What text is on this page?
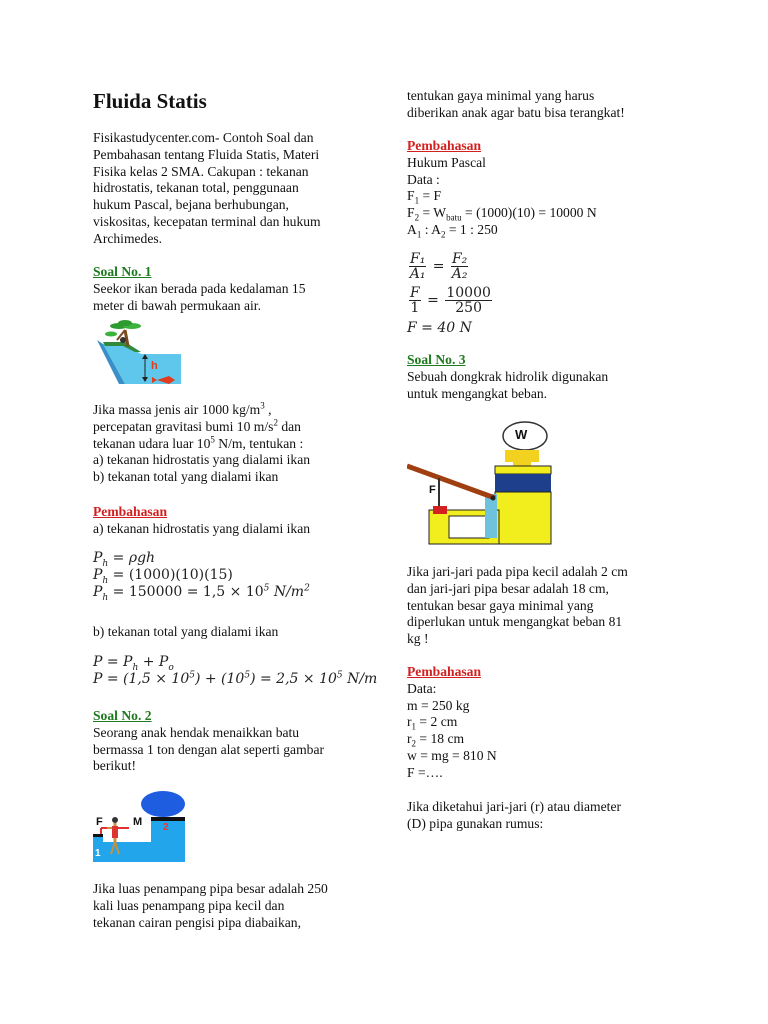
Fluida Statis

Fisikastudycenter.com- Contoh Soal dan

Pembahasan tentang Fluida Statis, Materi

Fisika kelas 2 SMA. Cakupan : tekanan

hidrostatis, tekanan total, penggunaan

hukum Pascal, bejana berhubungan,

viskositas, kecepatan terminal dan hukum

Archimedes.

Soal No. 1

Seekor ikan berada pada kedalaman 15

meter di bawah permukaan air.

h

Jika massa jenis air 1000 $kg/m^3$ ,

percepatan gravitasi bumi 10 $m/s^2$ dan

tekanan udara luar $10^5$ N/m, tentukan :

a) tekanan hidrostatis yang dialami ikan

b) tekanan total yang dialami ikan

Pembahasan

a) tekanan hidrostatis yang dialami ikan

$P_h = \rho gh$

$P_h = (1000)(10)(15)$

$P_h = 150000 = 1,5 \times 10^5$ $N/m^2$

b) tekanan total yang dialami ikan

$P = P_h + P_o$

$P = (1,5 \times 10^5) + (10^5) = 2,5 \times 10^5$ N/m

Soal No. 2

Seorang anak hendak menaikkan batu

bermassa 1 ton dengan alat seperti gambar

berikut!

F	M
1
2

Jika luas penampang pipa besar adalah 250

kali luas penampang pipa kecil dan

tekanan cairan pengisi pipa diabaikan,

tentukan gaya minimal yang harus

diberikan anak agar batu bisa terangkat!

Pembahasan

Hukum Pascal

Data :

$F_1 = F$

$F_2 = W_{batu} = (1000)(10) = 10000$ N

$A_1$ : $A_2 = 1$ : 250

$\frac{\text{F₁}}{\text{A₁}} = \frac{\text{F₂}}{\text{A₂}}$
$\frac{F}{1} = \frac{10000}{250}$
F = 40 N

Soal No. 3

Sebuah dongkrak hidrolik digunakan

untuk mengangkat beban.

W
F

Jika jari-jari pada pipa kecil adalah 2 cm

dan jari-jari pipa besar adalah 18 cm,

tentukan besar gaya minimal yang

diperlukan untuk mengangkat beban 81

kg !

Pembahasan

Data:

m = 250 kg

$r_1 = 2$ cm

$r_2 = 18$ cm

w = mg = 810 N

F =….

Jika diketahui jari-jari (r) atau diameter

(D) pipa gunakan rumus:
